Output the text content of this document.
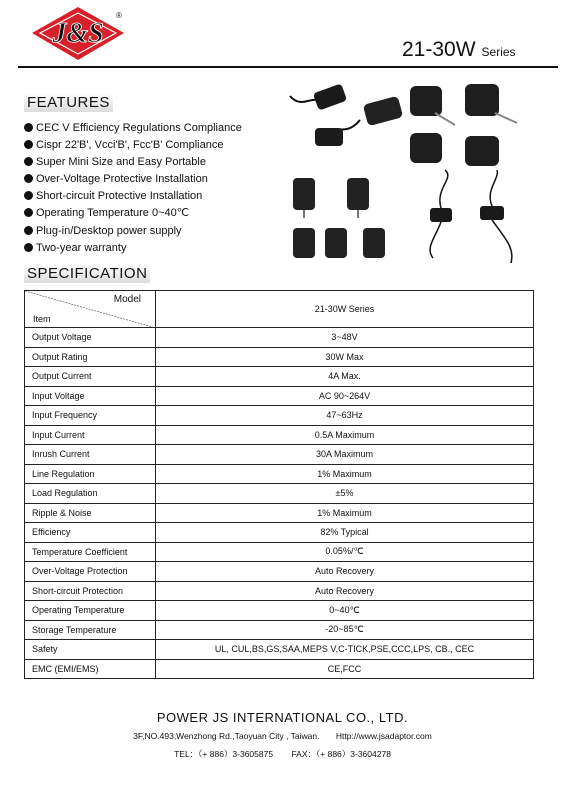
J&S
®
21-30W Series
FEATURES
CEC V Efficiency Regulations Compliance
Cispr 22'B', Vcci'B', Fcc'B' Compliance
Super Mini Size and Easy Portable
Over-Voltage Protective Installation
Short-circuit Protective Installation
Operating Temperature 0~40℃
Plug-in/Desktop power supply
Two-year warranty
SPECIFICATION
Model
Item	21-30W Series
Output Voltage	3~48V
Output Rating	30W Max
Output Current	4A Max.
Input Voltage	AC 90~264V
Input Frequency	47~63Hz
Input Current	0.5A Maximum
Inrush Current	30A Maximum
Line Regulation	1% Maximum
Load Regulation	±5%
Ripple & Noise	1% Maximum
Efficiency	82% Typical
Temperature Coefficient	0.05%/℃
Over-Voltage Protection	Auto Recovery
Short-circuit Protection	Auto Recovery
Operating Temperature	0~40℃
Storage Temperature	-20~85℃
Safety	UL, CUL,BS,GS,SAA,MEPS V,C-TICK,PSE,CCC,LPS, CB., CEC
EMC (EMI/EMS)	CE,FCC
POWER JS INTERNATIONAL CO., LTD.
3F,NO.493,Wenzhong Rd.,Taoyuan City , Taiwan. Http://www.jsadaptor.com
TEL：（+ 886）3-3605875 FAX：（+ 886）3-3604278
